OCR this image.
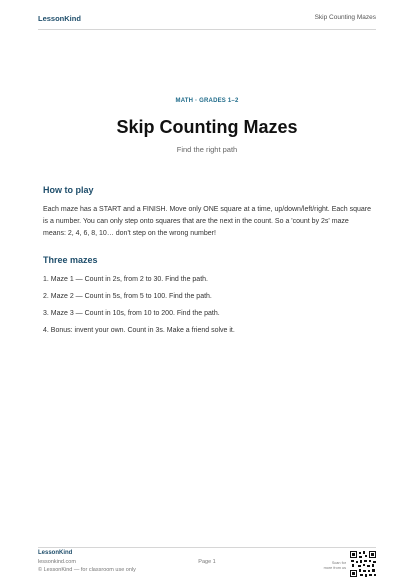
LessonKind	Skip Counting Mazes
MATH · GRADES 1–2
Skip Counting Mazes
Find the right path
How to play

Each maze has a START and a FINISH. Move only ONE square at a time, up/down/left/right. Each square is a number. You can only step onto squares that are the next in the count. So a 'count by 2s' maze means: 2, 4, 6, 8, 10… don't step on the wrong number!

Three mazes
1. Maze 1 — Count in 2s, from 2 to 30. Find the path.
2. Maze 2 — Count in 5s, from 5 to 100. Find the path.
3. Maze 3 — Count in 10s, from 10 to 200. Find the path.
4. Bonus: invent your own. Count in 3s. Make a friend solve it.
LessonKind
lessonkind.com
© LessonKind — for classroom use only
Page 1	Scan for
more from us
